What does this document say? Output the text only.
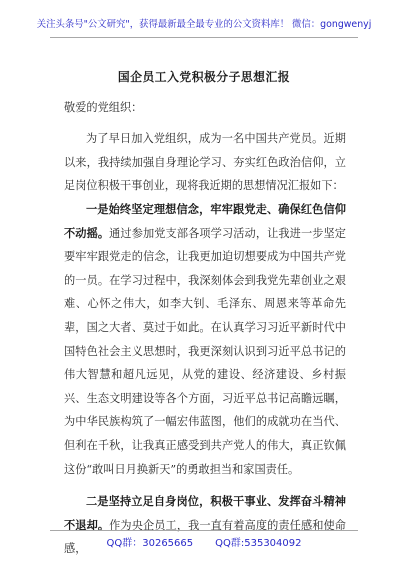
关注头条号"公文研究"，获得最新最全最专业的公文资料库！ 微信：gongwenyj
国企员工入党积极分子思想汇报
敬爱的党组织：

为了早日加入党组织，成为一名中国共产党员。近期以来，我持续加强自身理论学习、夯实红色政治信仰，立足岗位积极干事创业，现将我近期的思想情况汇报如下：

一是始终坚定理想信念，牢牢跟党走、确保红色信仰不动摇。通过参加党支部各项学习活动，让我进一步坚定要牢牢跟党走的信念，让我更加迫切想要成为中国共产党的一员。在学习过程中，我深刻体会到我党先辈创业之艰难、心怀之伟大，如李大钊、毛泽东、周恩来等革命先辈，国之大者、莫过于如此。在认真学习习近平新时代中国特色社会主义思想时，我更深刻认识到习近平总书记的伟大智慧和超凡远见，从党的建设、经济建设、乡村振兴、生态文明建设等各个方面，习近平总书记高瞻远瞩，为中华民族构筑了一幅宏伟蓝图，他们的成就功在当代、但利在千秋，让我真正感受到共产党人的伟大，真正钦佩这份“敢叫日月换新天”的勇敢担当和家国责任。

二是坚持立足自身岗位，积极干事业、发挥奋斗精神不退却。作为央企员工，我一直有着高度的责任感和使命感，	QQ群：30265665 QQ群:535304092
